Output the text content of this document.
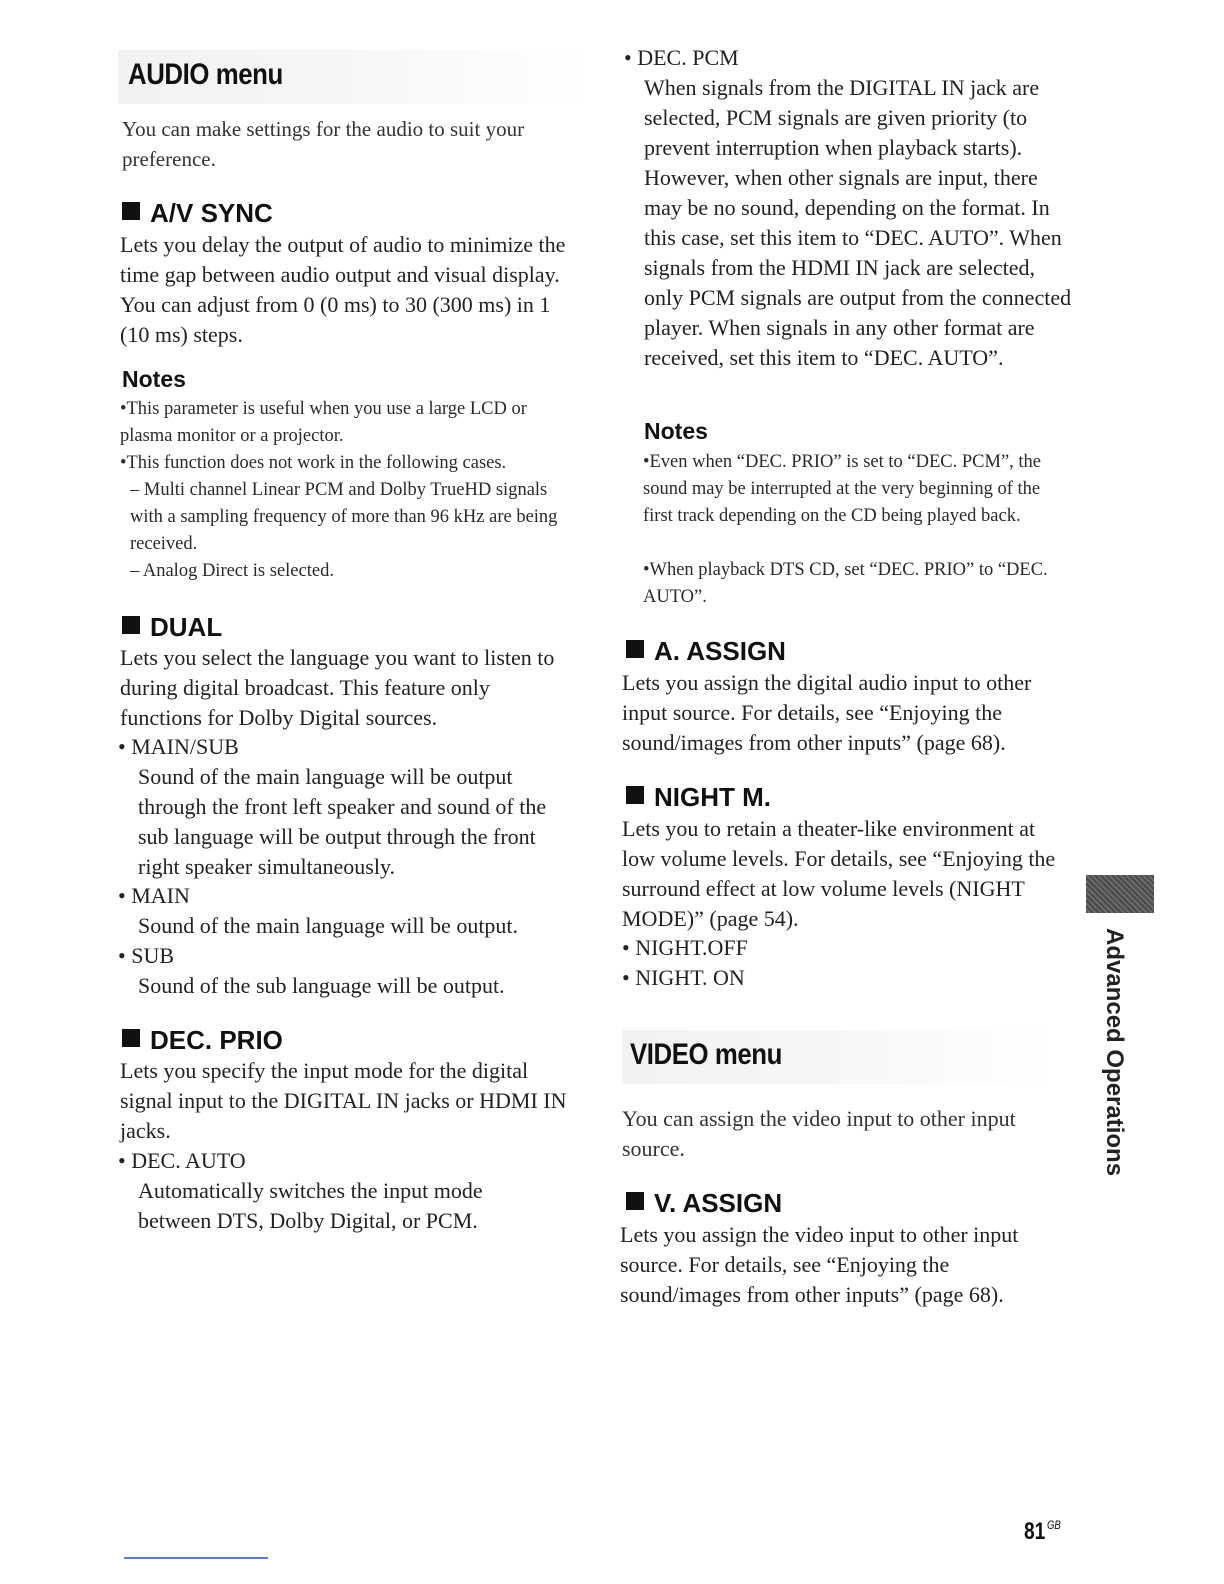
AUDIO menu
You can make settings for the audio to suit your preference.
A/V SYNC
Lets you delay the output of audio to minimize the time gap between audio output and visual display. You can adjust from 0 (0 ms) to 30 (300 ms) in 1 (10 ms) steps.
Notes
•This parameter is useful when you use a large LCD or plasma monitor or a projector.
•This function does not work in the following cases.
– Multi channel Linear PCM and Dolby TrueHD signals with a sampling frequency of more than 96 kHz are being received.
– Analog Direct is selected.
DUAL
Lets you select the language you want to listen to during digital broadcast. This feature only functions for Dolby Digital sources.
• MAIN/SUB
Sound of the main language will be output through the front left speaker and sound of the sub language will be output through the front right speaker simultaneously.
• MAIN
Sound of the main language will be output.
• SUB
Sound of the sub language will be output.
DEC. PRIO
Lets you specify the input mode for the digital signal input to the DIGITAL IN jacks or HDMI IN jacks.
• DEC. AUTO
Automatically switches the input mode between DTS, Dolby Digital, or PCM.
• DEC. PCM
When signals from the DIGITAL IN jack are selected, PCM signals are given priority (to prevent interruption when playback starts). However, when other signals are input, there may be no sound, depending on the format. In this case, set this item to “DEC. AUTO”. When signals from the HDMI IN jack are selected, only PCM signals are output from the connected player. When signals in any other format are received, set this item to “DEC. AUTO”.
Notes
•Even when “DEC. PRIO” is set to “DEC. PCM”, the sound may be interrupted at the very beginning of the first track depending on the CD being played back.
•When playback DTS CD, set “DEC. PRIO” to “DEC. AUTO”.
A. ASSIGN
Lets you assign the digital audio input to other input source. For details, see “Enjoying the sound/images from other inputs” (page 68).
NIGHT M.
Lets you to retain a theater-like environment at low volume levels. For details, see “Enjoying the surround effect at low volume levels (NIGHT MODE)” (page 54).
• NIGHT.OFF
• NIGHT. ON
VIDEO menu
You can assign the video input to other input source.
V. ASSIGN
Lets you assign the video input to other input source. For details, see “Enjoying the sound/images from other inputs” (page 68).
Advanced Operations
81 $^{GB}$
